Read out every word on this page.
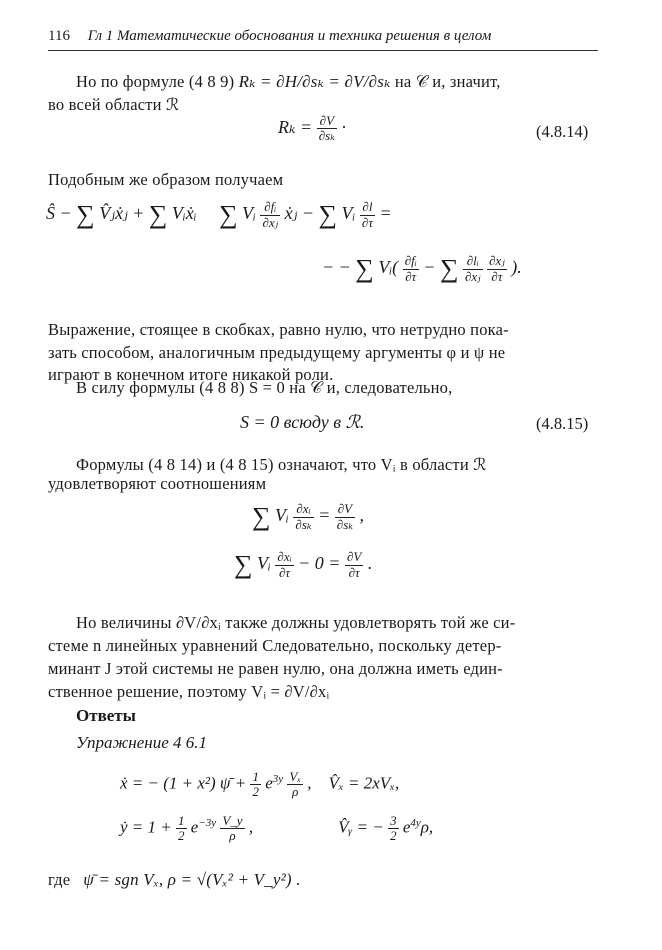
116 Гл 1 Математические обоснования и техника решения в целом
Но по формуле (4 8 9) Rₖ = ∂H/∂sₖ = ∂V/∂sₖ на 𝒞 и, значит,
во всей области ℛ
$R_k = \frac{\partial V}{\text{∂sₖ}}$ ·	(4.8.14)
Подобным же образом получаем
Ŝ − ∑ V̂ⱼẋⱼ + ∑ Vᵢẋᵢ ∑ Vᵢ $\frac{\text{∂fᵢ}}{\text{∂xⱼ}}$ ẋⱼ − ∑ Vᵢ $\frac{\partial l}{\partial\tau}$ =
− − ∑ Vᵢ( $\frac{\text{∂fᵢ}}{\partial\tau}$ − ∑ $\frac{\text{∂lᵢ}}{\text{∂xⱼ}}$
$\frac{\text{∂xⱼ}}{\partial\tau}$ ).
Выражение, стоящее в скобках, равно нулю, что нетрудно пока-
зать способом, аналогичным предыдущему аргументы φ и ψ не
играют в конечном итоге никакой роли.
В силу формулы (4 8 8) S = 0 на 𝒞 и, следовательно,
S = 0 всюду в ℛ.	(4.8.15)
Формулы (4 8 14) и (4 8 15) означают, что Vᵢ в области ℛ
удовлетворяют соотношениям
∑ Vᵢ $\frac{\text{∂xᵢ}}{\text{∂sₖ}} = \frac{\partial V}{\text{∂sₖ}}$ ,
∑ Vᵢ $\frac{\text{∂xᵢ}}{\partial\tau} - 0 = \frac{\partial V}{\partial\tau}$ .
Но величины ∂V/∂xᵢ также должны удовлетворять той же си-
стеме n линейных уравнений Следовательно, поскольку детер-
минант J этой системы не равен нулю, она должна иметь един-
ственное решение, поэтому Vᵢ = ∂V/∂xᵢ
Ответы
Упражнение 4 6.1
ẋ = − (1 + x²) ψ̄ + $\frac{1}{2} e^{3y} \frac{\text{Vₓ}}{\rho}$ , V̂ₓ = 2xVₓ,
ẏ = $1 + \frac{1}{2} e^{-3y} \frac{V\_y}{\rho}$ ,	V̂ᵧ = − $\frac{3}{2} e^{4y}\rho$,
где ψ̄ = sgn Vₓ, ρ = √(Vₓ² + V_y²) .
